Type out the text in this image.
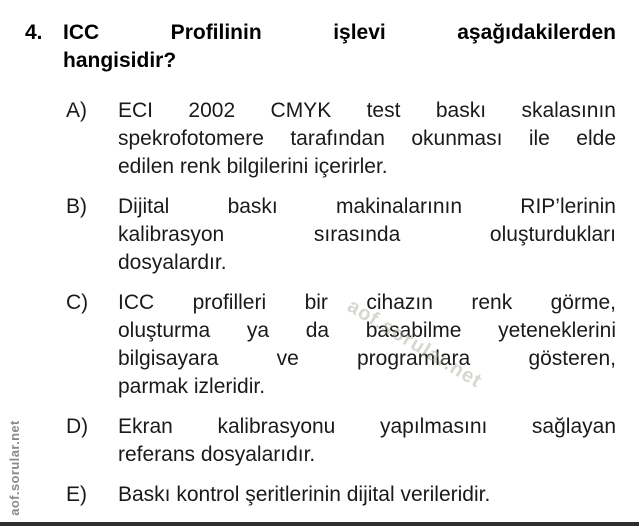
4. ICC Profilinin işlevi aşağıdakilerden
hangisidir?
A)	ECI 2002 CMYK test baskı skalasının
spekrofotomere tarafından okunması ile elde
edilen renk bilgilerini içerirler.
B)	Dijital baskı makinalarının RIP’lerinin
kalibrasyon sırasında oluşturdukları
dosyalardır.
C)	ICC profilleri bir cihazın renk görme,
oluşturma ya da basabilme yeteneklerini
bilgisayara ve programlara gösteren,
parmak izleridir.
D)	Ekran kalibrasyonu yapılmasını sağlayan
referans dosyalarıdır.
E)	Baskı kontrol şeritlerinin dijital verileridir.
aof.sorular.net
aof.sorular.net
